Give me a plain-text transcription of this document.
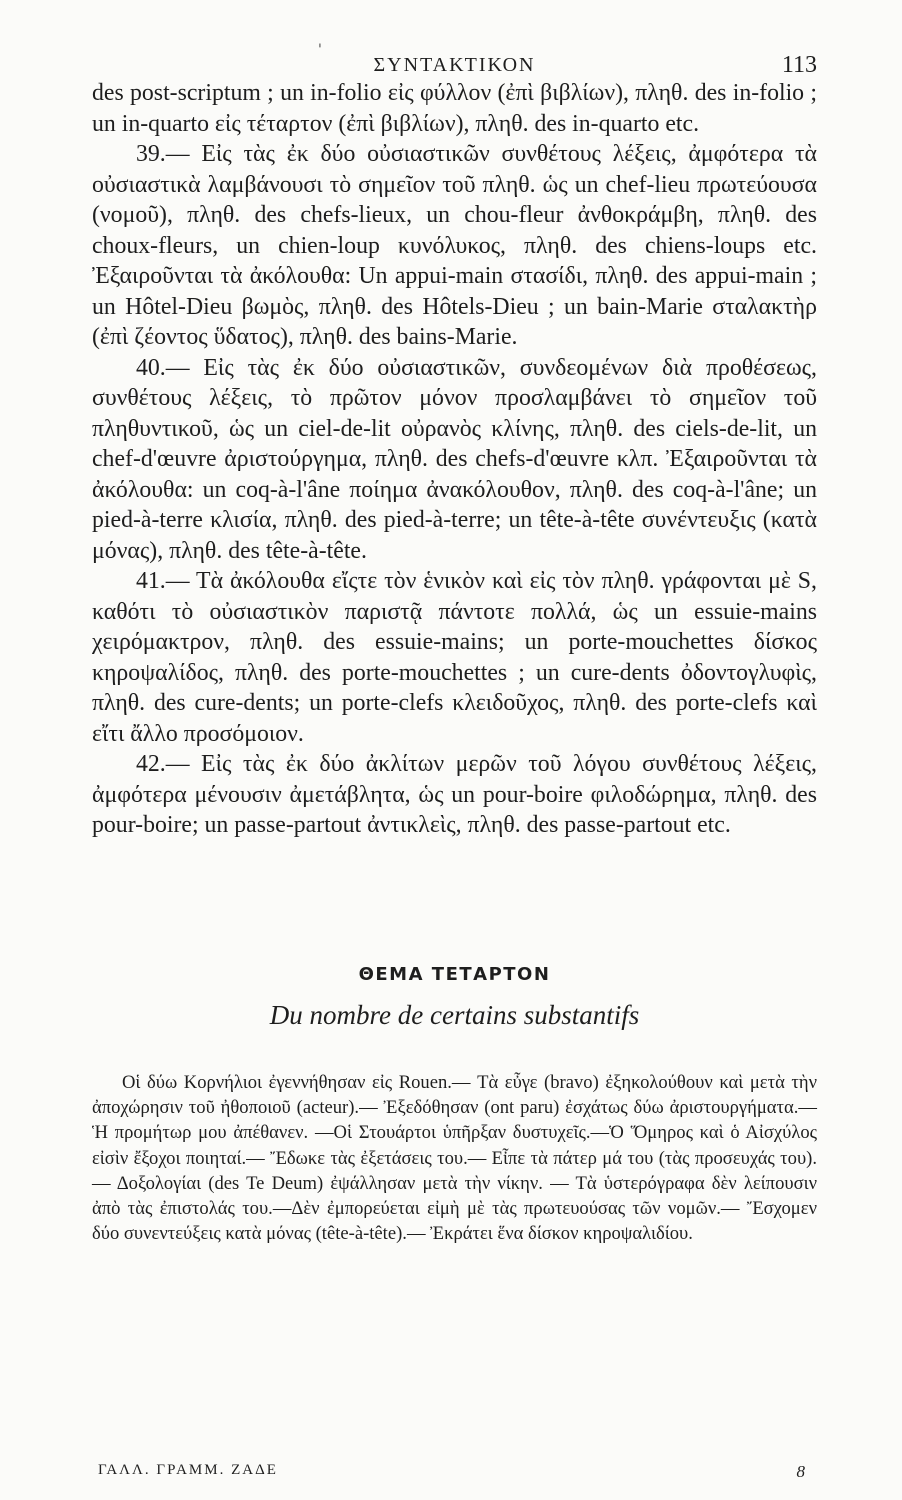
'
ΣΥΝΤΑΚΤΙΚΟΝ	113

des post-scriptum ; un in-folio εἰς φύλλον (ἐπὶ βιβλίων), πληθ. des in-folio ; un in-quarto εἰς τέταρτον (ἐπὶ βιβλίων), πληθ. des in-quarto etc.

39.— Εἰς τὰς ἐκ δύο οὐσιαστικῶν συνθέτους λέξεις, ἀμφότερα τὰ οὐσιαστικὰ λαμβάνουσι τὸ σημεῖον τοῦ πληθ. ὡς un chef-lieu πρωτεύουσα (νομοῦ), πληθ. des chefs-lieux, un chou-fleur ἀνθοκράμβη, πληθ. des choux-fleurs, un chien-loup κυνόλυκος, πληθ. des chiens-loups etc. Ἐξαιροῦνται τὰ ἀκόλουθα: Un appui-main στασίδι, πληθ. des appui-main ; un Hôtel-Dieu βωμὸς, πληθ. des Hôtels-Dieu ; un bain-Marie σταλακτὴρ (ἐπὶ ζέοντος ὕδατος), πληθ. des bains-Marie.

40.— Εἰς τὰς ἐκ δύο οὐσιαστικῶν, συνδεομένων διὰ προθέσεως, συνθέτους λέξεις, τὸ πρῶτον μόνον προσλαμβάνει τὸ σημεῖον τοῦ πληθυντικοῦ, ὡς un ciel-de-lit οὐρανὸς κλίνης, πληθ. des ciels-de-lit, un chef-d'œuvre ἀριστούργημα, πληθ. des chefs-d'œuvre κλπ. Ἐξαιροῦνται τὰ ἀκόλουθα: un coq-à-l'âne ποίημα ἀνακόλουθον, πληθ. des coq-à-l'âne; un pied-à-terre κλισία, πληθ. des pied-à-terre; un tête-à-tête συνέντευξις (κατὰ μόνας), πληθ. des tête-à-tête.

41.— Τὰ ἀκόλουθα εἴςτε τὸν ἑνικὸν καὶ εἰς τὸν πληθ. γράφονται μὲ S, καθότι τὸ οὐσιαστικὸν παριστᾷ πάντοτε πολλά, ὡς un essuie-mains χειρόμακτρον, πληθ. des essuie-mains; un porte-mouchettes δίσκος κηροψαλίδος, πληθ. des porte-mouchettes ; un cure-dents ὀδοντογλυφὶς, πληθ. des cure-dents; un porte-clefs κλειδοῦχος, πληθ. des porte-clefs καὶ εἴτι ἄλλο προσόμοιον.

42.— Εἰς τὰς ἐκ δύο ἀκλίτων μερῶν τοῦ λόγου συνθέτους λέξεις, ἀμφότερα μένουσιν ἀμετάβλητα, ὡς un pour-boire φιλοδώρημα, πληθ. des pour-boire; un passe-partout ἀντικλεὶς, πληθ. des passe-partout etc.

ΘΕΜΑ ΤΕΤΑΡΤΟΝ
Du nombre de certains substantifs

Οἱ δύω Κορνήλιοι ἐγεννήθησαν εἰς Rouen.— Τὰ εὖγε (bravo) ἐξηκολούθουν καὶ μετὰ τὴν ἀποχώρησιν τοῦ ἠθοποιοῦ (acteur).— Ἐξεδόθησαν (ont paru) ἐσχάτως δύω ἀριστουργήματα.— Ἡ προμήτωρ μου ἀπέθανεν. —Οἱ Στουάρτοι ὑπῆρξαν δυστυχεῖς.—Ὁ Ὅμηρος καὶ ὁ Αἰσχύλος εἰσὶν ἔξοχοι ποιηταί.— Ἔδωκε τὰς ἐξετάσεις του.— Εἶπε τὰ πάτερ μά του (τὰς προσευχάς του).— Δοξολογίαι (des Te Deum) ἐψάλλησαν μετὰ τὴν νίκην. — Τὰ ὑστερόγραφα δὲν λείπουσιν ἀπὸ τὰς ἐπιστολάς του.—Δὲν ἐμπορεύεται εἰμὴ μὲ τὰς πρωτευούσας τῶν νομῶν.— Ἔσχομεν δύο συνεντεύξεις κατὰ μόνας (tête-à-tête).— Ἐκράτει ἕνα δίσκον κηροψαλιδίου.

ΓΑΛΛ. ΓΡΑΜΜ. ΖΑΔΕ	8
